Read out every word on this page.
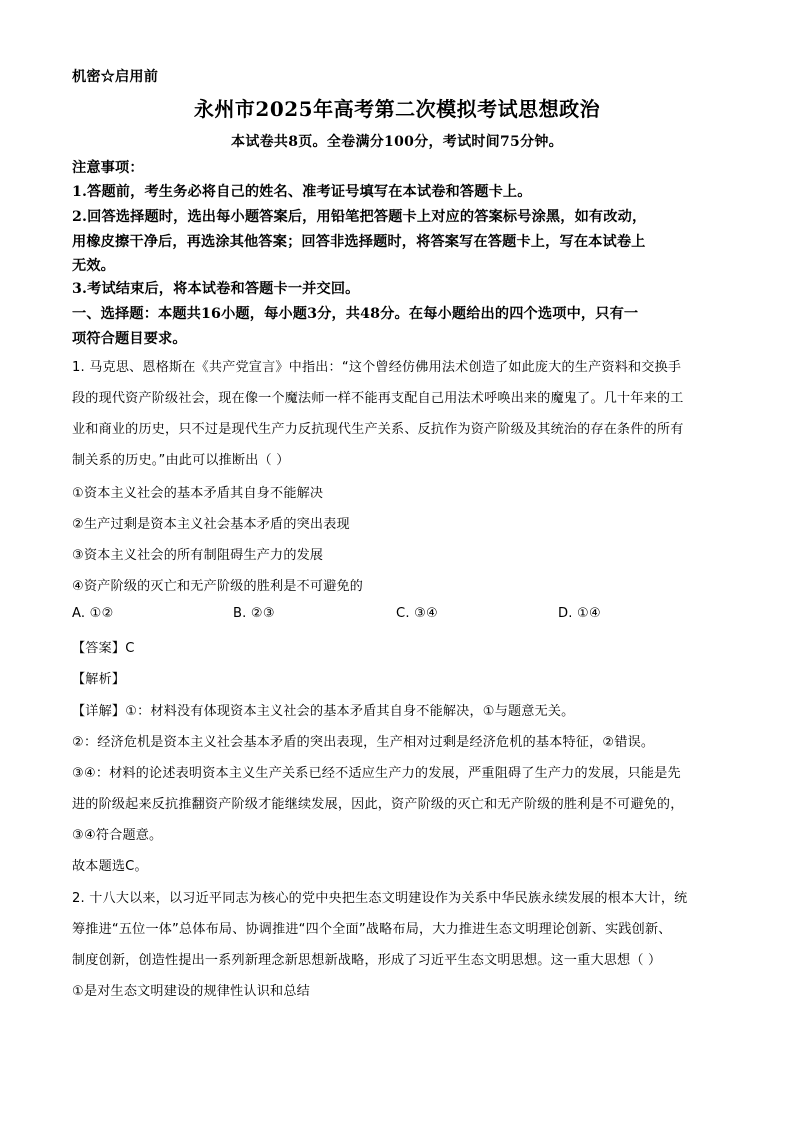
机密☆启用前
永州市2025年高考第二次模拟考试思想政治
本试卷共8页。全卷满分100分，考试时间75分钟。
注意事项：
1.答题前，考生务必将自己的姓名、准考证号填写在本试卷和答题卡上。
2.回答选择题时，选出每小题答案后，用铅笔把答题卡上对应的答案标号涂黑，如有改动，
用橡皮擦干净后，再选涂其他答案；回答非选择题时，将答案写在答题卡上，写在本试卷上
无效。
3.考试结束后，将本试卷和答题卡一并交回。
一、选择题：本题共16小题，每小题3分，共48分。在每小题给出的四个选项中，只有一
项符合题目要求。
1. 马克思、恩格斯在《共产党宣言》中指出：“这个曾经仿佛用法术创造了如此庞大的生产资料和交换手
段的现代资产阶级社会，现在像一个魔法师一样不能再支配自己用法术呼唤出来的魔鬼了。几十年来的工
业和商业的历史，只不过是现代生产力反抗现代生产关系、反抗作为资产阶级及其统治的存在条件的所有
制关系的历史。”由此可以推断出（ ）
①资本主义社会的基本矛盾其自身不能解决
②生产过剩是资本主义社会基本矛盾的突出表现
③资本主义社会的所有制阻碍生产力的发展
④资产阶级的灭亡和无产阶级的胜利是不可避免的
A. ①②	B. ②③	C. ③④	D. ①④
【答案】C
【解析】
【详解】①：材料没有体现资本主义社会的基本矛盾其自身不能解决，①与题意无关。
②：经济危机是资本主义社会基本矛盾的突出表现，生产相对过剩是经济危机的基本特征，②错误。
③④：材料的论述表明资本主义生产关系已经不适应生产力的发展，严重阻碍了生产力的发展，只能是先
进的阶级起来反抗推翻资产阶级才能继续发展，因此，资产阶级的灭亡和无产阶级的胜利是不可避免的，
③④符合题意。
故本题选C。
2. 十八大以来，以习近平同志为核心的党中央把生态文明建设作为关系中华民族永续发展的根本大计，统
筹推进“五位一体”总体布局、协调推进“四个全面”战略布局，大力推进生态文明理论创新、实践创新、
制度创新，创造性提出一系列新理念新思想新战略，形成了习近平生态文明思想。这一重大思想（ ）
①是对生态文明建设的规律性认识和总结
